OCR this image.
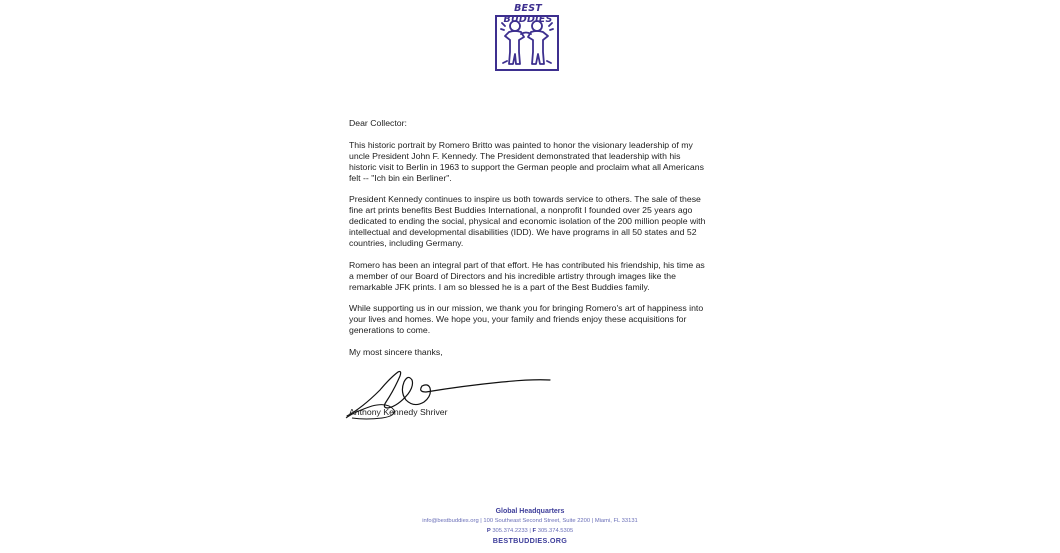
BEST BUDDIES

Dear Collector:

This historic portrait by Romero Britto was painted to honor the visionary leadership of my uncle President John F. Kennedy. The President demonstrated that leadership with his historic visit to Berlin in 1963 to support the German people and proclaim what all Americans felt -- "Ich bin ein Berliner".

President Kennedy continues to inspire us both towards service to others. The sale of these fine art prints benefits Best Buddies International, a nonprofit I founded over 25 years ago dedicated to ending the social, physical and economic isolation of the 200 million people with intellectual and developmental disabilities (IDD). We have programs in all 50 states and 52 countries, including Germany.

Romero has been an integral part of that effort. He has contributed his friendship, his time as a member of our Board of Directors and his incredible artistry through images like the remarkable JFK prints. I am so blessed he is a part of the Best Buddies family.

While supporting us in our mission, we thank you for bringing Romero's art of happiness into your lives and homes. We hope you, your family and friends enjoy these acquisitions for generations to come.

My most sincere thanks,

Anthony Kennedy Shriver
Global Headquarters
info@bestbuddies.org | 100 Southeast Second Street, Suite 2200 | Miami, FL 33131
P 305.374.2233 | F 305.374.5305
BESTBUDDIES.ORG
